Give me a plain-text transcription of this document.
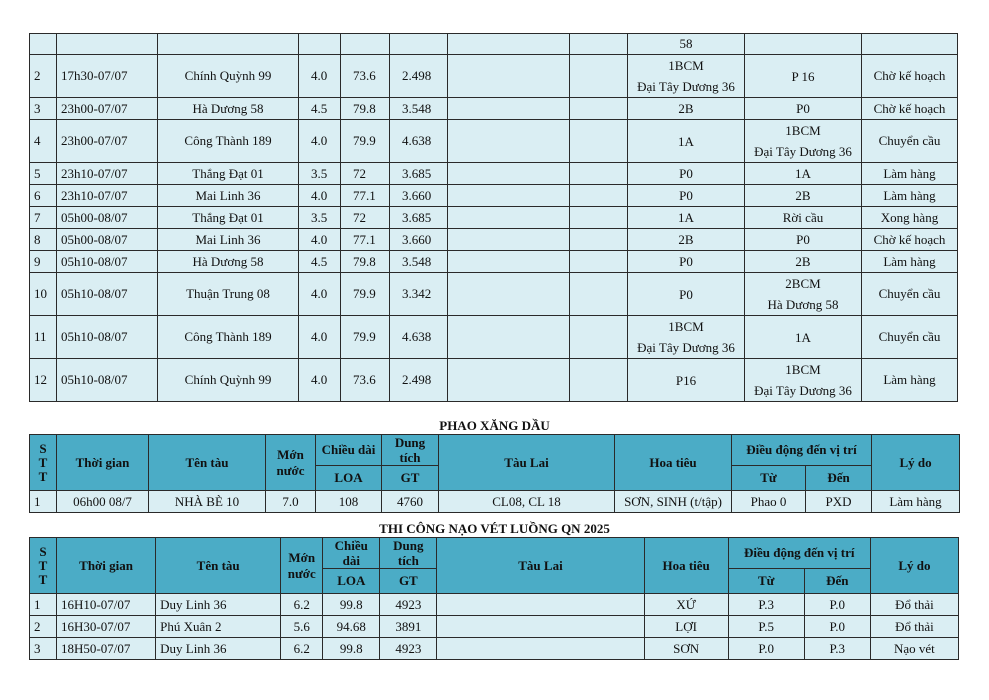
								58		
2	17h30-07/07	Chính Quỳnh 99	4.0	73.6	2.498			1BCM
Đại Tây Dương 36	P 16	Chờ kế hoạch
3	23h00-07/07	Hà Dương 58	4.5	79.8	3.548			2B	P0	Chờ kế hoạch
4	23h00-07/07	Công Thành 189	4.0	79.9	4.638			1A	1BCM
Đại Tây Dương 36	Chuyển cầu
5	23h10-07/07	Thắng Đạt 01	3.5	72	3.685			P0	1A	Làm hàng
6	23h10-07/07	Mai Linh 36	4.0	77.1	3.660			P0	2B	Làm hàng
7	05h00-08/07	Thắng Đạt 01	3.5	72	3.685			1A	Rời cầu	Xong hàng
8	05h00-08/07	Mai Linh 36	4.0	77.1	3.660			2B	P0	Chờ kế hoạch
9	05h10-08/07	Hà Dương 58	4.5	79.8	3.548			P0	2B	Làm hàng
10	05h10-08/07	Thuận Trung 08	4.0	79.9	3.342			P0	2BCM
Hà Dương 58	Chuyển cầu
11	05h10-08/07	Công Thành 189	4.0	79.9	4.638			1BCM
Đại Tây Dương 36	1A	Chuyển cầu
12	05h10-08/07	Chính Quỳnh 99	4.0	73.6	2.498			P16	1BCM
Đại Tây Dương 36	Làm hàng
PHAO XĂNG DẦU
S T T	Thời gian	Tên tàu	Mớn nước	Chiều dài	Dung tích	Tàu Lai	Hoa tiêu	Điều động đến vị trí		Lý do
				LOA	GT			Từ	Đến	
1	06h00 08/7	NHÀ BÈ 10	7.0	108	4760	CL08, CL 18	SƠN, SINH (t/tập)	Phao 0	PXD	Làm hàng
THI CÔNG NẠO VÉT LUỒNG QN 2025
S T T	Thời gian	Tên tàu	Mớn nước	Chiều dài	Dung tích	Tàu Lai	Hoa tiêu	Điều động đến vị trí		Lý do
				LOA	GT			Từ	Đến	
1	16H10-07/07	Duy Linh 36	6.2	99.8	4923		XỨ	P.3	P.0	Đổ thải
2	16H30-07/07	Phú Xuân 2	5.6	94.68	3891		LỢI	P.5	P.0	Đổ thải
3	18H50-07/07	Duy Linh 36	6.2	99.8	4923		SƠN	P.0	P.3	Nạo vét
